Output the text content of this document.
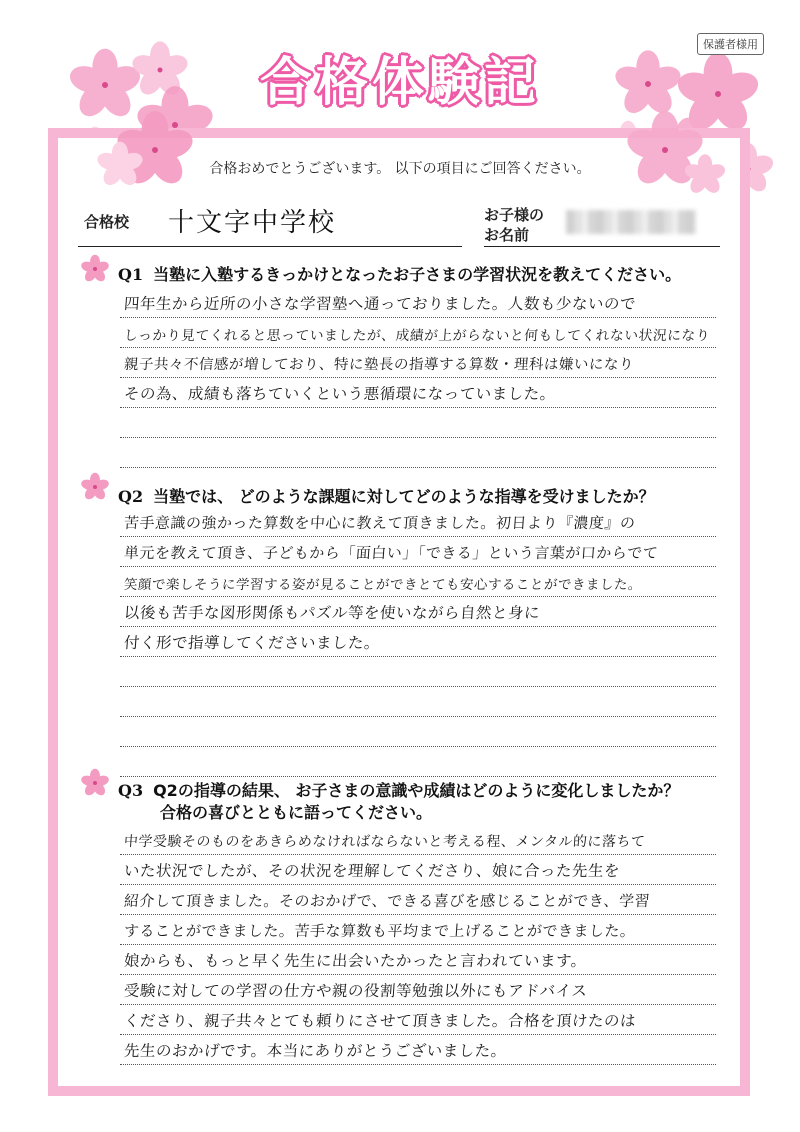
保護者様用
合格体験記
合格おめでとうございます。 以下の項目にご回答ください。
合格校 十文字中学校	お子様の
お名前
Q1 当塾に入塾するきっかけとなったお子さまの学習状況を教えてください。
四年生から近所の小さな学習塾へ通っておりました。人数も少ないので
しっかり見てくれると思っていましたが、成績が上がらないと何もしてくれない状況になり
親子共々不信感が増しており、特に塾長の指導する算数・理科は嫌いになり
その為、成績も落ちていくという悪循環になっていました。
Q2 当塾では、 どのような課題に対してどのような指導を受けましたか？
苦手意識の強かった算数を中心に教えて頂きました。初日より『濃度』の
単元を教えて頂き、子どもから「面白い」「できる」という言葉が口からでて
笑顔で楽しそうに学習する姿が見ることができとても安心することができました。
以後も苦手な図形関係もパズル等を使いながら自然と身に
付く形で指導してくださいました。
Q3 Q2の指導の結果、 お子さまの意識や成績はどのように変化しましたか？
合格の喜びとともに語ってください。
中学受験そのものをあきらめなければならないと考える程、メンタル的に落ちて
いた状況でしたが、その状況を理解してくださり、娘に合った先生を
紹介して頂きました。そのおかげで、できる喜びを感じることができ、学習
することができました。苦手な算数も平均まで上げることができました。
娘からも、もっと早く先生に出会いたかったと言われています。
受験に対しての学習の仕方や親の役割等勉強以外にもアドバイス
くださり、親子共々とても頼りにさせて頂きました。合格を頂けたのは
先生のおかげです。本当にありがとうございました。
